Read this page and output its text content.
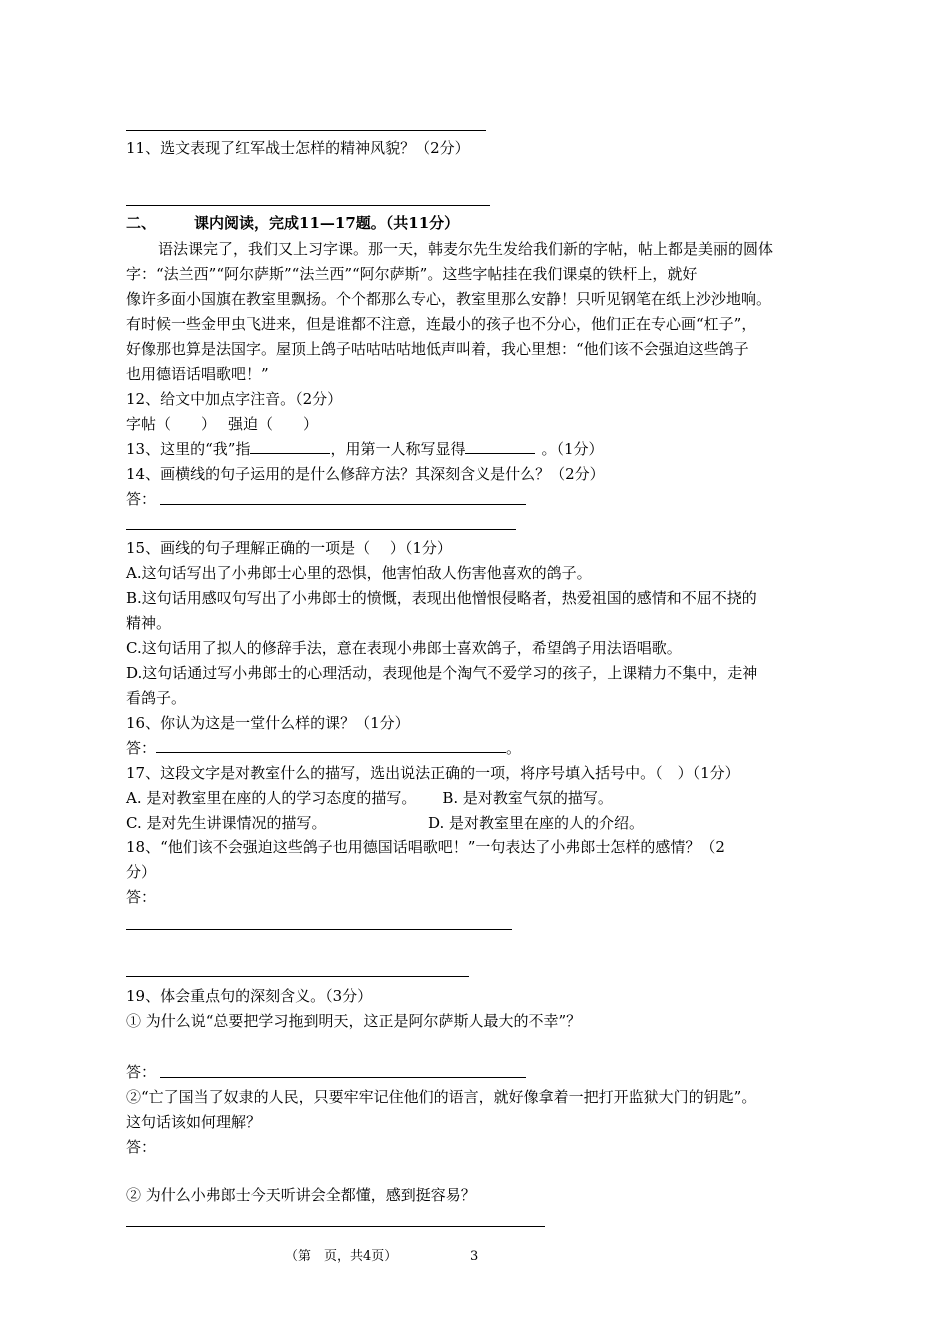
11、选文表现了红军战士怎样的精神风貌？（2分）
二、	课内阅读，完成11—17题。（共11分）
语法课完了，我们又上习字课。那一天，韩麦尔先生发给我们新的字帖，帖上都是美丽的圆体
字：“法兰西”“阿尔萨斯”“法兰西”“阿尔萨斯”。这些字帖挂在我们课桌的铁杆上，就好
像许多面小国旗在教室里飘扬。个个都那么专心，教室里那么安静！只听见钢笔在纸上沙沙地响。
有时候一些金甲虫飞进来，但是谁都不注意，连最小的孩子也不分心，他们正在专心画“杠子”，
好像那也算是法国字。屋顶上鸽子咕咕咕咕地低声叫着，我心里想：“他们该不会强迫这些鸽子
也用德语话唱歌吧！”
12、给文中加点字注音。（2分）
字帖（　　） 强迫（　　）
13、这里的“我”指	，用第一人称写显得	。（1分）
14、画横线的句子运用的是什么修辞方法？其深刻含义是什么？（2分）
答：
15、画线的句子理解正确的一项是（　 ）（1分）
A.这句话写出了小弗郎士心里的恐惧，他害怕敌人伤害他喜欢的鸽子。
B.这句话用感叹句写出了小弗郎士的愤慨，表现出他憎恨侵略者，热爱祖国的感情和不屈不挠的
精神。
C.这句话用了拟人的修辞手法，意在表现小弗郎士喜欢鸽子，希望鸽子用法语唱歌。
D.这句话通过写小弗郎士的心理活动，表现他是个淘气不爱学习的孩子，上课精力不集中，走神
看鸽子。
16、你认为这是一堂什么样的课？（1分）
答：	。
17、这段文字是对教室什么的描写，选出说法正确的一项，将序号填入括号中。（　）（1分）
A. 是对教室里在座的人的学习态度的描写。 B. 是对教室气氛的描写。
C. 是对先生讲课情况的描写。	D. 是对教室里在座的人的介绍。
18、“他们该不会强迫这些鸽子也用德国话唱歌吧！”一句表达了小弗郎士怎样的感情？（2
分）
答：
19、体会重点句的深刻含义。（3分）
① 为什么说“总要把学习拖到明天，这正是阿尔萨斯人最大的不幸”？
答：
②“亡了国当了奴隶的人民，只要牢牢记住他们的语言，就好像拿着一把打开监狱大门的钥匙”。
这句话该如何理解？
答：
② 为什么小弗郎士今天听讲会全都懂，感到挺容易？
（第　页，共4页）	3
